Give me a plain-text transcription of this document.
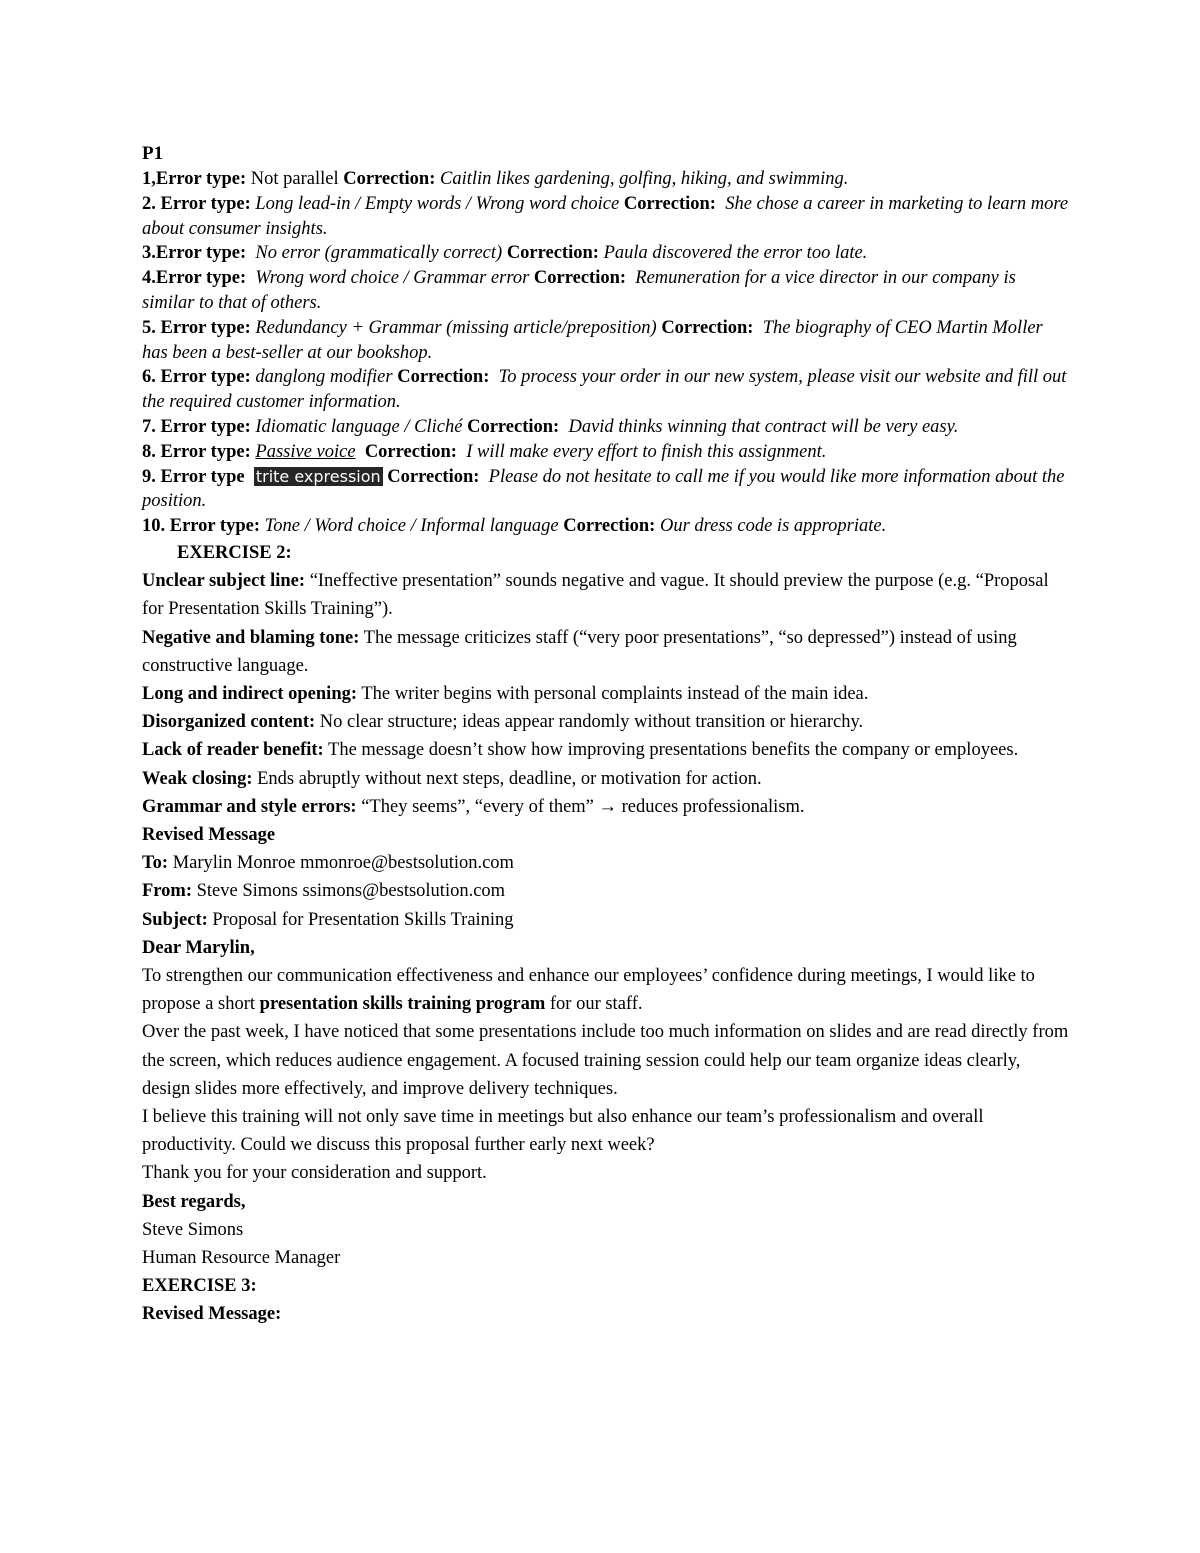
P1

1,Error type: Not parallel Correction: Caitlin likes gardening, golfing, hiking, and swimming.

2. Error type: Long lead-in / Empty words / Wrong word choice Correction: She chose a career in marketing to learn more about consumer insights.

3.Error type: No error (grammatically correct) Correction: Paula discovered the error too late.

4.Error type: Wrong word choice / Grammar error Correction: Remuneration for a vice director in our company is similar to that of others.

5. Error type: Redundancy + Grammar (missing article/preposition) Correction: The biography of CEO Martin Moller has been a best-seller at our bookshop.

6. Error type: danglong modifier Correction: To process your order in our new system, please visit our website and fill out the required customer information.

7. Error type: Idiomatic language / Cliché Correction: David thinks winning that contract will be very easy.

8. Error type: Passive voice Correction: I will make every effort to finish this assignment.

9. Error type trite expression Correction: Please do not hesitate to call me if you would like more information about the position.

10. Error type: Tone / Word choice / Informal language Correction: Our dress code is appropriate.

EXERCISE 2:

Unclear subject line: “Ineffective presentation” sounds negative and vague. It should preview the purpose (e.g. “Proposal for Presentation Skills Training”).

Negative and blaming tone: The message criticizes staff (“very poor presentations”, “so depressed”) instead of using constructive language.

Long and indirect opening: The writer begins with personal complaints instead of the main idea.

Disorganized content: No clear structure; ideas appear randomly without transition or hierarchy.

Lack of reader benefit: The message doesn’t show how improving presentations benefits the company or employees.

Weak closing: Ends abruptly without next steps, deadline, or motivation for action.

Grammar and style errors: “They seems”, “every of them” → reduces professionalism.

Revised Message

To: Marylin Monroe mmonroe@bestsolution.com

From: Steve Simons ssimons@bestsolution.com

Subject: Proposal for Presentation Skills Training

Dear Marylin,

To strengthen our communication effectiveness and enhance our employees’ confidence during meetings, I would like to propose a short presentation skills training program for our staff.

Over the past week, I have noticed that some presentations include too much information on slides and are read directly from the screen, which reduces audience engagement. A focused training session could help our team organize ideas clearly, design slides more effectively, and improve delivery techniques.

I believe this training will not only save time in meetings but also enhance our team’s professionalism and overall productivity. Could we discuss this proposal further early next week?

Thank you for your consideration and support.

Best regards,

Steve Simons

Human Resource Manager

EXERCISE 3:

Revised Message:
